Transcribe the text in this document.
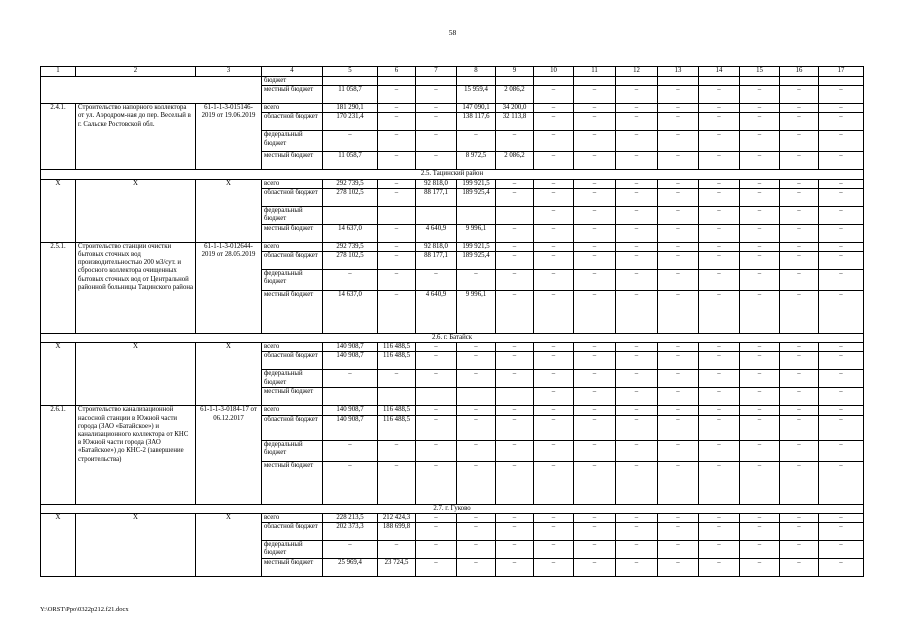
58
1	2	3	4	5	6	7	8	9	10	11	12	13	14	15	16	17
			бюджет													
			местный бюджет	11 058,7	–	–	15 959,4	2 086,2	–	–	–	–	–	–	–	–
2.4.1.	Строительство напорного коллектора от ул. Аэродром-ная до пер. Веселый в г. Сальске Ростовской обл.	61-1-1-3-015146-2019 от 19.06.2019	всего	181 290,1	–	–	147 090,1	34 200,0	–	–	–	–	–	–	–	–
			областной бюджет	170 231,4	–	–	138 117,6	32 113,8	–	–	–	–	–	–	–	–
			федеральный бюджет	–	–	–	–	–	–	–	–	–	–	–	–	–
			местный бюджет	11 058,7	–	–	8 972,5	2 086,2	–	–	–	–	–	–	–	–
2.5. Тацинский район																
Х	Х	Х	всего	292 739,5	–	92 818,0	199 921,5	–	–	–	–	–	–	–	–	–
			областной бюджет	278 102,5	–	88 177,1	189 925,4	–	–	–	–	–	–	–	–	–
			федеральный бюджет						–	–	–	–	–	–	–	–
			местный бюджет	14 637,0	–	4 640,9	9 996,1	–	–	–	–	–	–	–	–	–
2.5.1.	Строительство станции очистки бытовых сточных вод производительностью 200 м3/сут. и сбросного коллектора очищенных бытовых сточных вод от Центральной районной больницы Тацинского района	61-1-1-3-012644-2019 от 28.05.2019	всего	292 739,5	–	92 818,0	199 921,5	–	–	–	–	–	–	–	–	–
			областной бюджет	278 102,5	–	88 177,1	189 925,4	–	–	–	–	–	–	–	–	–
			федеральный бюджет	–	–	–	–	–	–	–	–	–	–	–	–	–
			местный бюджет	14 637,0	–	4 640,9	9 996,1	–	–	–	–	–	–	–	–	–
2.6. г. Батайск																
Х	Х	Х	всего	140 908,7	116 488,5	–	–	–	–	–	–	–	–	–	–	–
			областной бюджет	140 908,7	116 488,5	–	–	–	–	–	–	–	–	–	–	–
			федеральный бюджет	–	–	–	–	–	–	–	–	–	–	–	–	–
			местный бюджет						–	–	–	–	–	–	–	–
2.6.1.	Строительство канализационной насосной станции в Южной части города (ЗАО «Батайское») и канализационного коллектора от КНС в Южной части города (ЗАО «Батайское») до КНС-2 (завершение строительства)	61-1-1-3-0184-17 от 06.12.2017	всего	140 908,7	116 488,5	–	–	–	–	–	–	–	–	–	–	–
			областной бюджет	140 908,7	116 488,5	–	–	–	–	–	–	–	–	–	–	–
			федеральный бюджет	–	–	–	–	–	–	–	–	–	–	–	–	–
			местный бюджет	–	–	–	–	–	–	–	–	–	–	–	–	–
2.7. г. Гуково																
Х	Х	Х	всего	228 213,5	212 424,3	–	–	–	–	–	–	–	–	–	–	–
			областной бюджет	202 373,3	188 699,8	–	–	–	–	–	–	–	–	–	–	–
			федеральный бюджет	–	–	–	–	–	–	–	–	–	–	–	–	–
			местный бюджет	25 969,4	23 724,5	–	–	–	–	–	–	–	–	–	–	–
Y:\ORST\Ppo\0322p212.f21.docx
